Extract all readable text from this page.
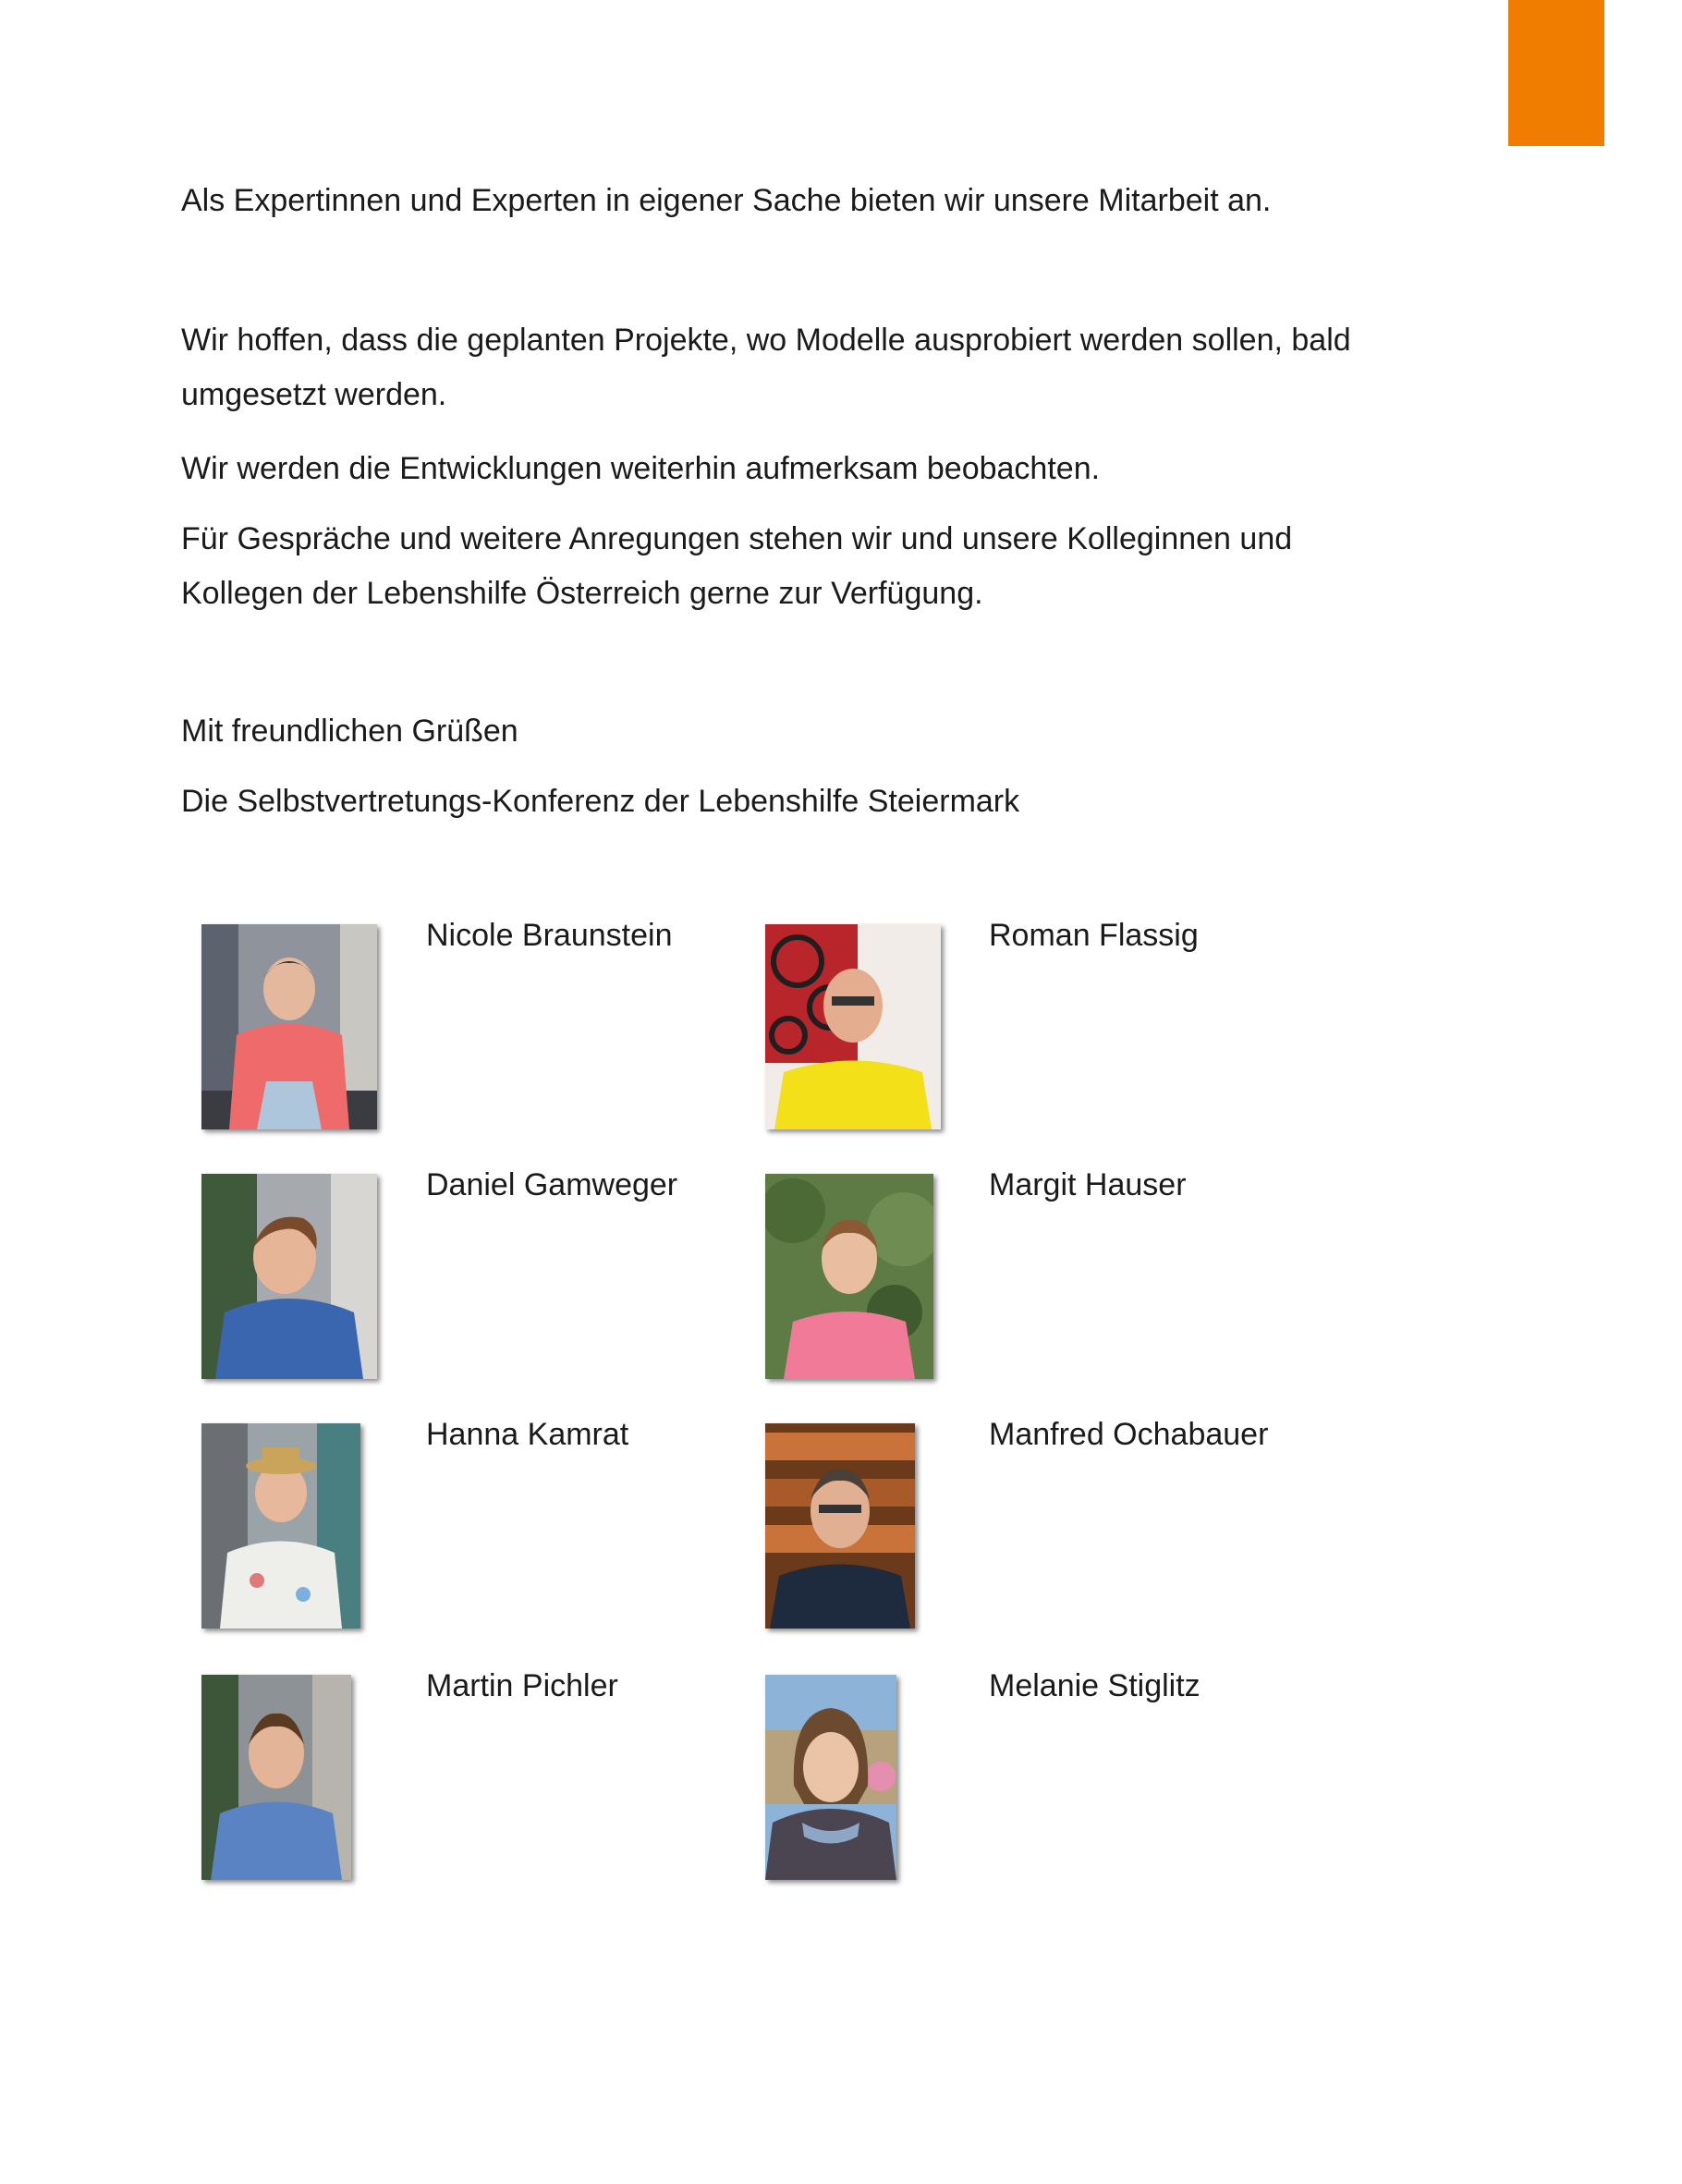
Als Expertinnen und Experten in eigener Sache bieten wir unsere Mitarbeit an.

Wir hoffen, dass die geplanten Projekte, wo Modelle ausprobiert werden sollen, bald
umgesetzt werden.

Wir werden die Entwicklungen weiterhin aufmerksam beobachten.

Für Gespräche und weitere Anregungen stehen wir und unsere Kolleginnen und
Kollegen der Lebenshilfe Österreich gerne zur Verfügung.

Mit freundlichen Grüßen

Die Selbstvertretungs-Konferenz der Lebenshilfe Steiermark

Nicole Braunstein	Roman Flassig
Daniel Gamweger	Margit Hauser
Hanna Kamrat	Manfred Ochabauer
Martin Pichler	Melanie Stiglitz
